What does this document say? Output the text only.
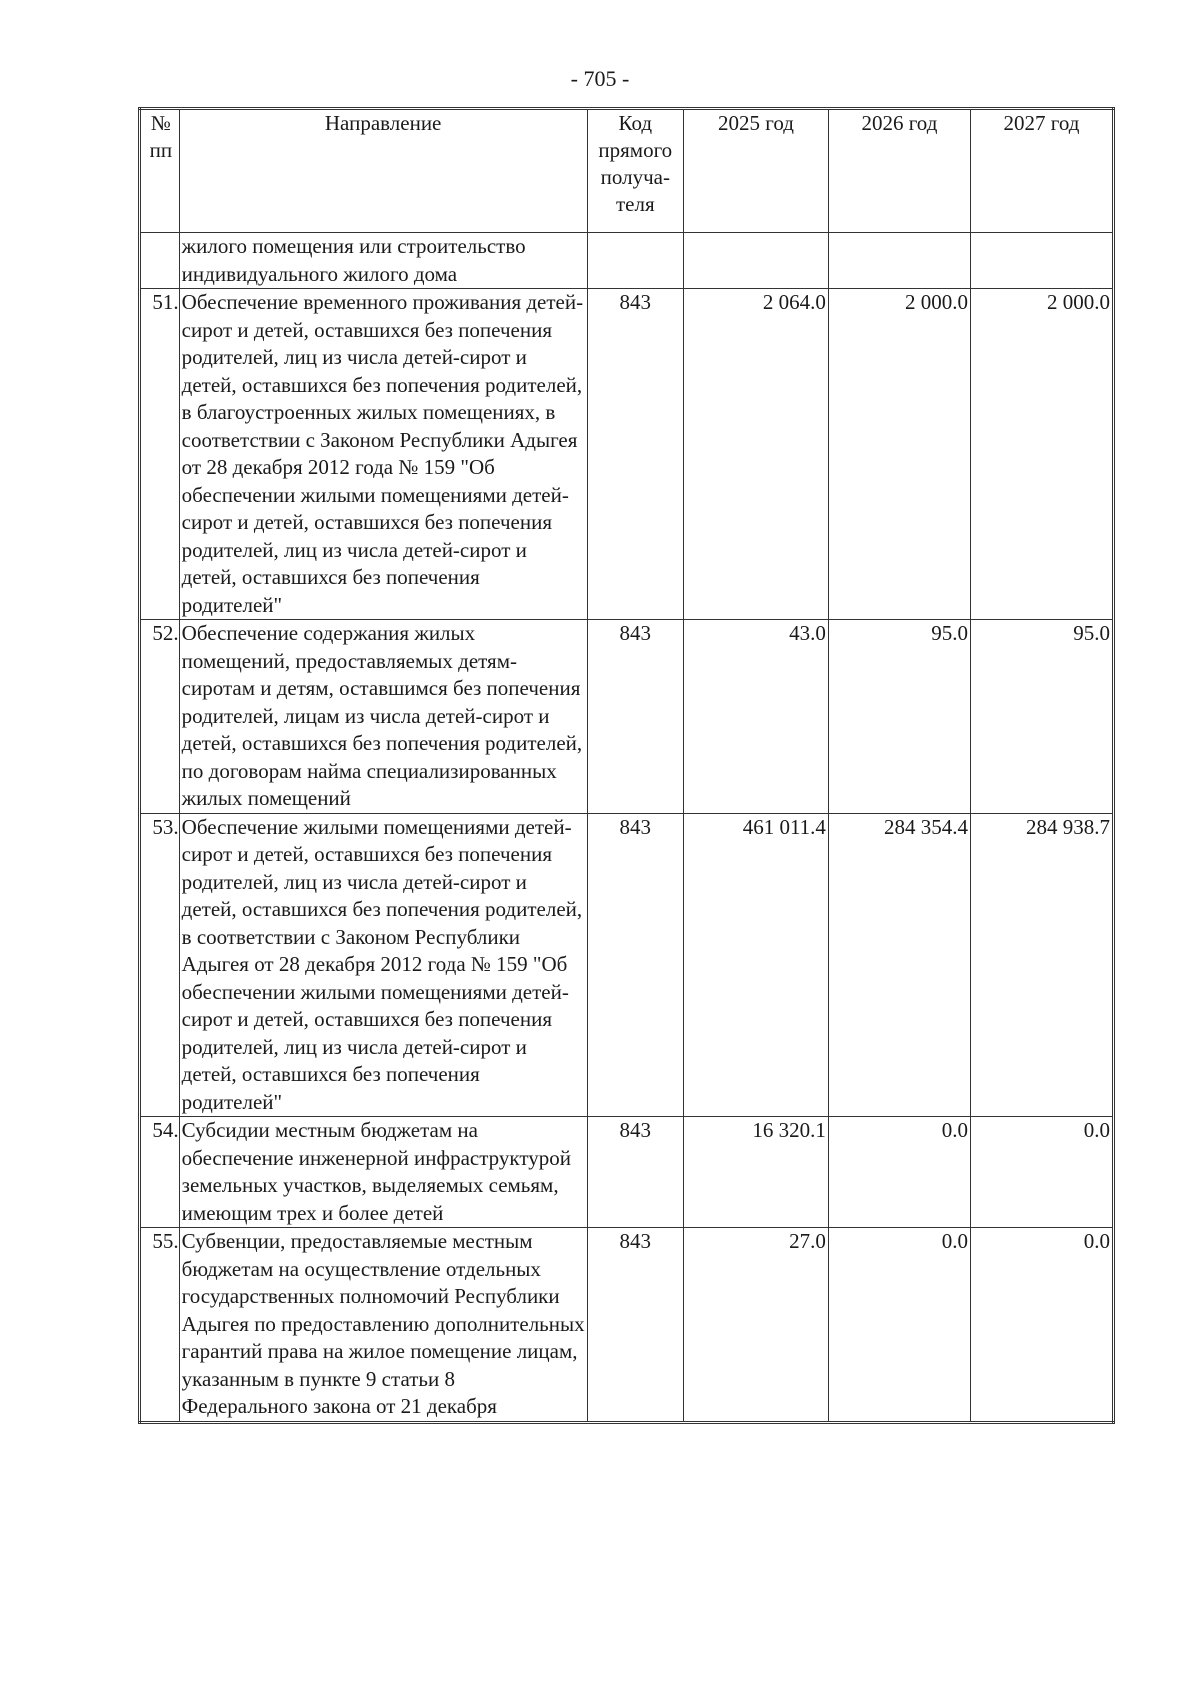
- 705 -
№ пп	Направление	Код прямого получа-теля	2025 год	2026 год	2027 год
	жилого помещения или строительство индивидуального жилого дома				
51.	Обеспечение временного проживания детей-сирот и детей, оставшихся без попечения родителей, лиц из числа детей-сирот и детей, оставшихся без попечения родителей, в благоустроенных жилых помещениях, в соответствии с Законом Республики Адыгея от 28 декабря 2012 года № 159 "Об обеспечении жилыми помещениями детей-сирот и детей, оставшихся без попечения родителей, лиц из числа детей-сирот и детей, оставшихся без попечения родителей"	843	2 064.0	2 000.0	2 000.0
52.	Обеспечение содержания жилых помещений, предоставляемых детям-сиротам и детям, оставшимся без попечения родителей, лицам из числа детей-сирот и детей, оставшихся без попечения родителей, по договорам найма специализированных жилых помещений	843	43.0	95.0	95.0
53.	Обеспечение жилыми помещениями детей-сирот и детей, оставшихся без попечения родителей, лиц из числа детей-сирот и детей, оставшихся без попечения родителей, в соответствии с Законом Республики Адыгея от 28 декабря 2012 года № 159 "Об обеспечении жилыми помещениями детей-сирот и детей, оставшихся без попечения родителей, лиц из числа детей-сирот и детей, оставшихся без попечения родителей"	843	461 011.4	284 354.4	284 938.7
54.	Субсидии местным бюджетам на обеспечение инженерной инфраструктурой земельных участков, выделяемых семьям, имеющим трех и более детей	843	16 320.1	0.0	0.0
55.	Субвенции, предоставляемые местным бюджетам на осуществление отдельных государственных полномочий Республики Адыгея по предоставлению дополнительных гарантий права на жилое помещение лицам, указанным в пункте 9 статьи 8 Федерального закона от 21 декабря	843	27.0	0.0	0.0
